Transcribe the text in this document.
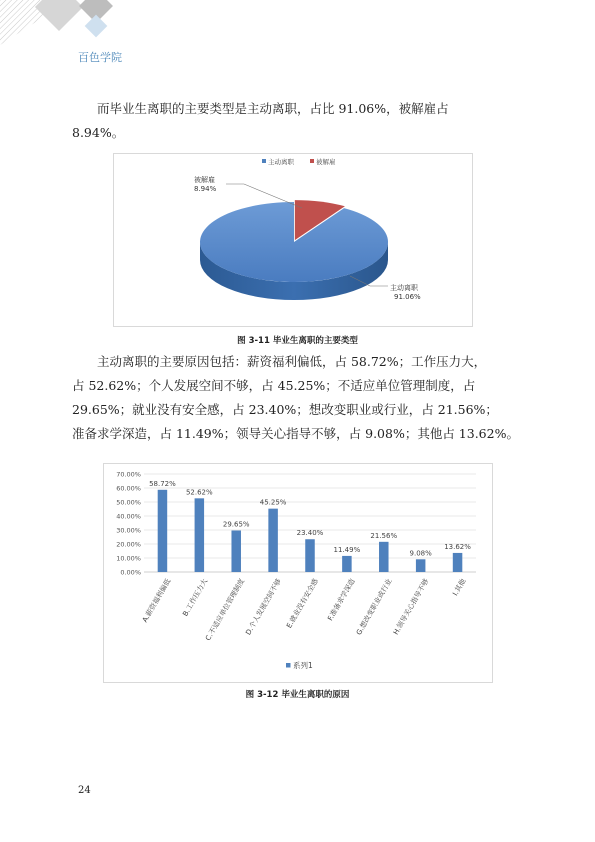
百色学院

而毕业生离职的主要类型是主动离职，占比 91.06%，被解雇占
8.94%。

主动离职	被解雇
被解雇
8.94%
主动离职
91.06%
图 3-11 毕业生离职的主要类型

主动离职的主要原因包括：薪资福利偏低，占 58.72%；工作压力大，
占 52.62%；个人发展空间不够，占 45.25%；不适应单位管理制度，占
29.65%；就业没有安全感，占 23.40%；想改变职业或行业，占 21.56%；
准备求学深造，占 11.49%；领导关心指导不够，占 9.08%；其他占 13.62%。

0.00%
10.00%
20.00%
30.00%
40.00%
50.00%
60.00%
70.00%
58.72%
A.薪资福利偏低
52.62%
B.工作压力大
29.65%
C.不适应单位管理制度
45.25%
D.个人发展空间不够
23.40%
E.就业没有安全感
11.49%
F.准备求学深造
21.56%
G.想改变职业或行业
9.08%
H.领导关心指导不够
13.62%
I.其他
系列1
图 3-12 毕业生离职的原因
24
